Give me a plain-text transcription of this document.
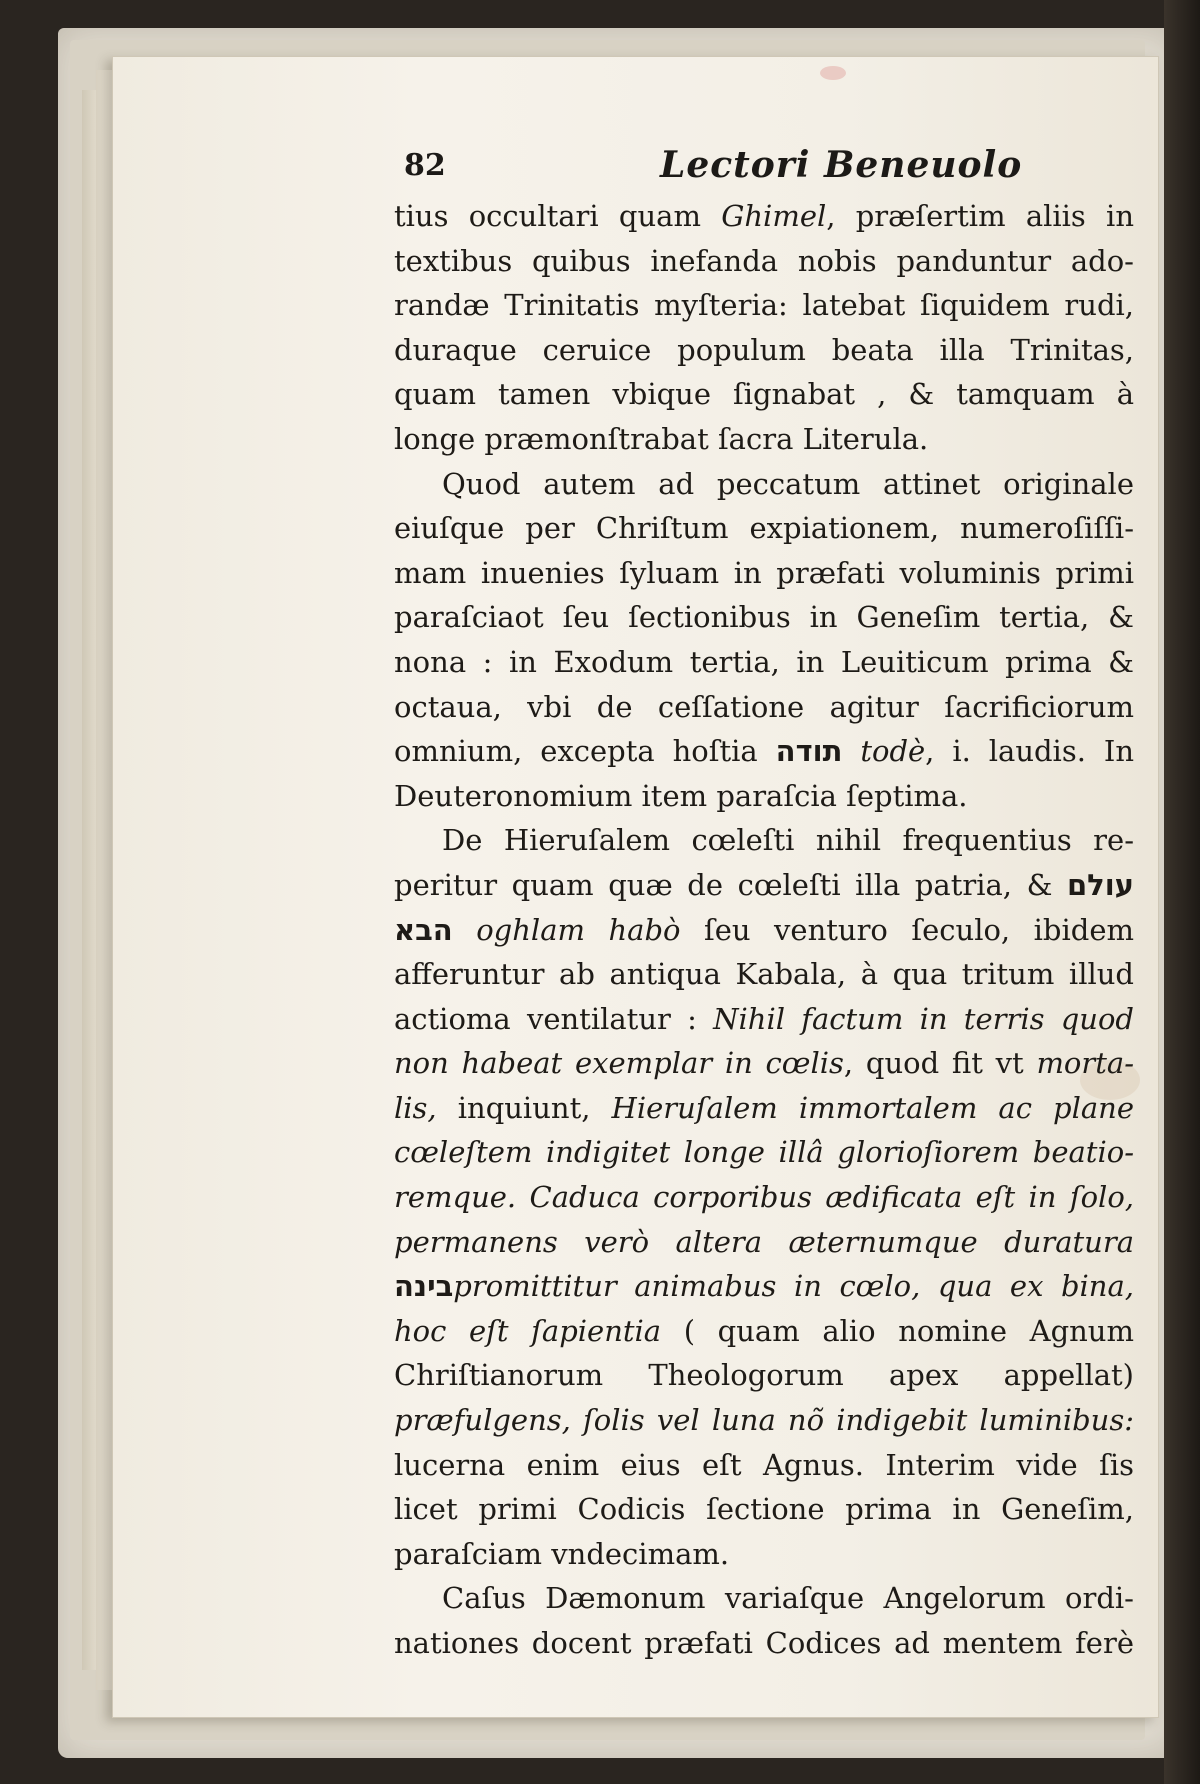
82	Lectori Beneuolo
tius occultari quam Ghimel, præſertim aliis in
textibus quibus inefanda nobis panduntur ado-
randæ Trinitatis myſteria: latebat ſiquidem rudi,
duraque ceruice populum beata illa Trinitas,
quam tamen vbique ſignabat , & tamquam à
longe præmonſtrabat ſacra Literula.
Quod autem ad peccatum attinet originale
eiuſque per Chriſtum expiationem, numeroſiſſi-
mam inuenies ſyluam in præfati voluminis primi
paraſciaot ſeu ſectionibus in Geneſim tertia, &
nona : in Exodum tertia, in Leuiticum prima &
octaua, vbi de ceſſatione agitur ſacrificiorum
omnium, excepta hoſtia תודה todè, i. laudis. In
Deuteronomium item paraſcia ſeptima.
De Hieruſalem cœleſti nihil frequentius re-
peritur quam quæ de cœleſti illa patria, & עולם
הבא oghlam habò ſeu venturo ſeculo, ibidem
afferuntur ab antiqua Kabala, à qua tritum illud
actioma ventilatur : Nihil factum in terris quod
non habeat exemplar in cœlis, quod fit vt morta-
lis, inquiunt, Hieruſalem immortalem ac plane
cœleſtem indigitet longe illâ glorioſiorem beatio-
remque. Caduca corporibus ædificata eſt in ſolo,
permanens verò altera æternumque duratura
בינהpromittitur animabus in cœlo, qua ex bina,
hoc eſt ſapientia ( quam alio nomine Agnum
Chriſtianorum Theologorum apex appellat)
præfulgens, ſolis vel luna nõ indigebit luminibus:
lucerna enim eius eſt Agnus. Interim vide ſis
licet primi Codicis ſectione prima in Geneſim,
paraſciam vndecimam.
Caſus Dæmonum variaſque Angelorum ordi-
nationes docent præfati Codices ad mentem ferè
